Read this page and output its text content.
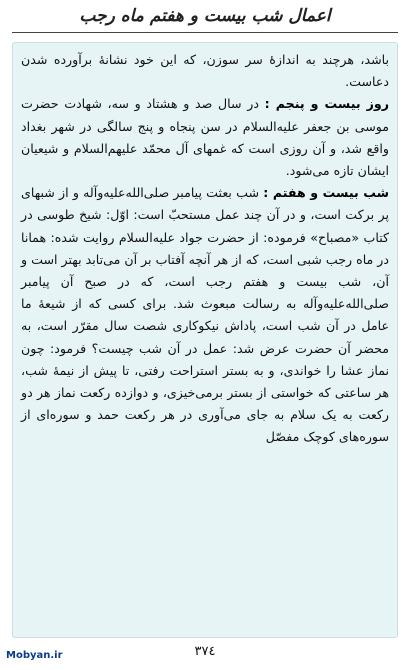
اعمال شب بیست و هفتم ماه رجب

باشد، هرچند به اندازۀ سر سوزن، که این خود نشانۀ برآورده شدن دعاست.

روز بیست و پنجم : در سال صد و هشتاد و سه، شهادت حضرت موسی بن جعفر علیه‌السلام در سن پنجاه و پنج سالگی در شهر بغداد واقع شد، و آن روزی است که غمهای آل محمّد علیهم‌السلام و شیعیان ایشان تازه می‌شود.

شب بیست و هفتم : شب بعثت پیامبر صلی‌الله‌علیه‌وآله و از شبهای پر برکت است، و در آن چند عمل مستحبّ است: اوّل: شیخ طوسی در کتاب «مصباح» فرموده: از حضرت جواد علیه‌السلام روایت شده: همانا در ماه رجب شبی است، که از هر آنچه آفتاب بر آن می‌تابد بهتر است و آن، شب بیست و هفتم رجب است، که در صبح آن پیامبر صلی‌الله‌علیه‌وآله به رسالت مبعوث شد. برای کسی که از شیعۀ ما عامل در آن شب است، پاداش نیکوکاری شصت سال مقرّر است، به محضر آن حضرت عرض شد: عمل در آن شب چیست؟ فرمود: چون نماز عشا را خواندی، و به بستر استراحت رفتی، تا پیش از نیمۀ شب، هر ساعتی که خواستی از بستر برمی‌خیزی، و دوازده رکعت نماز هر دو رکعت به یک سلام به جای می‌آوری در هر رکعت حمد و سوره‌ای از سوره‌های کوچک مفصّل

٣٧٤
Mobyan.ir
